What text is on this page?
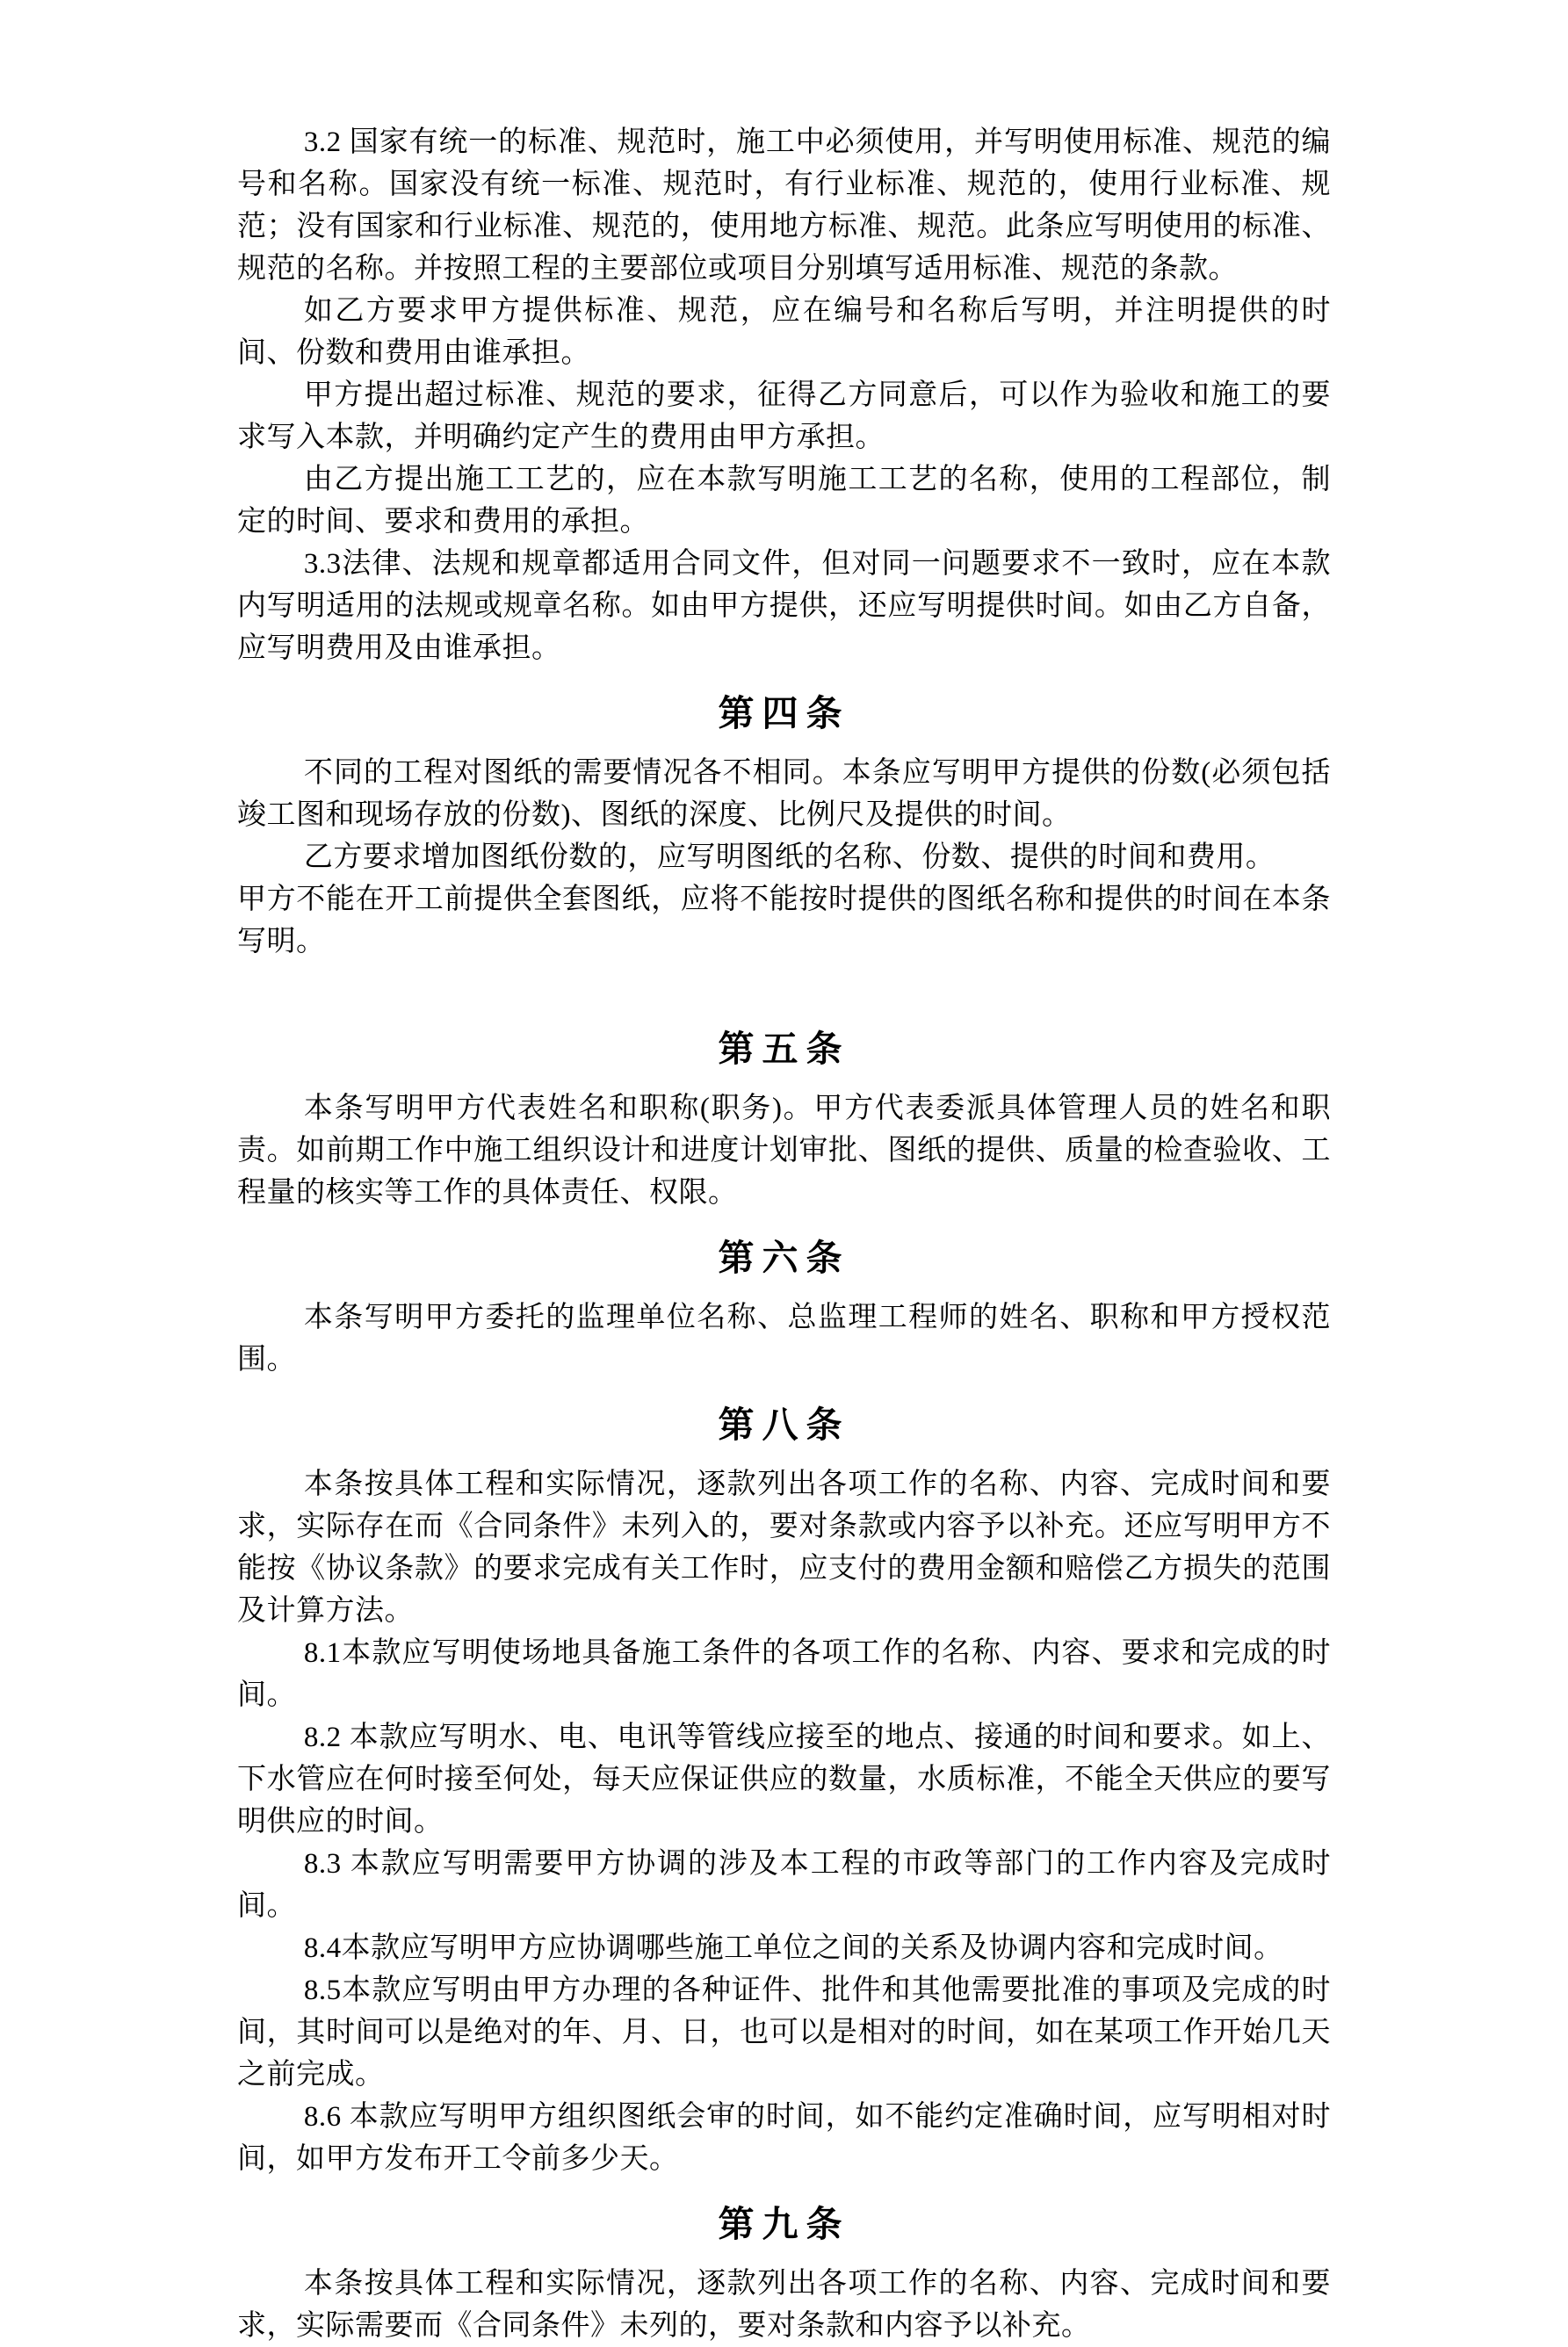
3.2 国家有统一的标准、规范时，施工中必须使用，并写明使用标准、规范的编号和名称。国家没有统一标准、规范时，有行业标准、规范的，使用行业标准、规范；没有国家和行业标准、规范的，使用地方标准、规范。此条应写明使用的标准、规范的名称。并按照工程的主要部位或项目分别填写适用标准、规范的条款。

如乙方要求甲方提供标准、规范，应在编号和名称后写明，并注明提供的时间、份数和费用由谁承担。

甲方提出超过标准、规范的要求，征得乙方同意后，可以作为验收和施工的要求写入本款，并明确约定产生的费用由甲方承担。

由乙方提出施工工艺的，应在本款写明施工工艺的名称，使用的工程部位，制定的时间、要求和费用的承担。

3.3法律、法规和规章都适用合同文件，但对同一问题要求不一致时，应在本款内写明适用的法规或规章名称。如由甲方提供，还应写明提供时间。如由乙方自备，应写明费用及由谁承担。

第四条

不同的工程对图纸的需要情况各不相同。本条应写明甲方提供的份数(必须包括竣工图和现场存放的份数)、图纸的深度、比例尺及提供的时间。

乙方要求增加图纸份数的，应写明图纸的名称、份数、提供的时间和费用。

甲方不能在开工前提供全套图纸，应将不能按时提供的图纸名称和提供的时间在本条写明。

第五条

本条写明甲方代表姓名和职称(职务)。甲方代表委派具体管理人员的姓名和职责。如前期工作中施工组织设计和进度计划审批、图纸的提供、质量的检查验收、工程量的核实等工作的具体责任、权限。

第六条

本条写明甲方委托的监理单位名称、总监理工程师的姓名、职称和甲方授权范围。

第八条

本条按具体工程和实际情况，逐款列出各项工作的名称、内容、完成时间和要求，实际存在而《合同条件》未列入的，要对条款或内容予以补充。还应写明甲方不能按《协议条款》的要求完成有关工作时，应支付的费用金额和赔偿乙方损失的范围及计算方法。

8.1本款应写明使场地具备施工条件的各项工作的名称、内容、要求和完成的时间。

8.2 本款应写明水、电、电讯等管线应接至的地点、接通的时间和要求。如上、下水管应在何时接至何处，每天应保证供应的数量，水质标准，不能全天供应的要写明供应的时间。

8.3 本款应写明需要甲方协调的涉及本工程的市政等部门的工作内容及完成时间。

8.4本款应写明甲方应协调哪些施工单位之间的关系及协调内容和完成时间。

8.5本款应写明由甲方办理的各种证件、批件和其他需要批准的事项及完成的时间，其时间可以是绝对的年、月、日，也可以是相对的时间，如在某项工作开始几天之前完成。

8.6 本款应写明甲方组织图纸会审的时间，如不能约定准确时间，应写明相对时间，如甲方发布开工令前多少天。

第九条

本条按具体工程和实际情况，逐款列出各项工作的名称、内容、完成时间和要求，实际需要而《合同条件》未列的，要对条款和内容予以补充。
